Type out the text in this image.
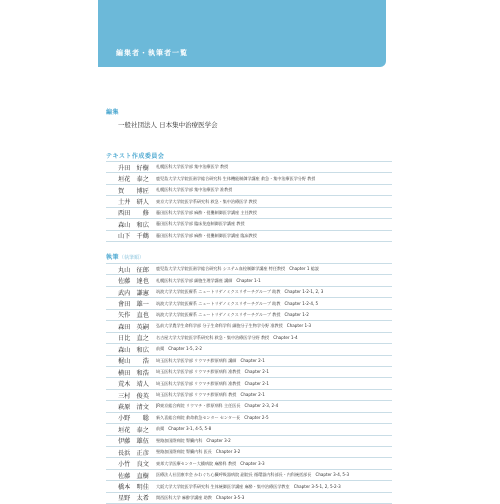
編集者・執筆者一覧
編集
一般社団法人 日本集中治療医学会
テキスト作成委員会
升田　好樹	札幌医科大学医学部 集中治療医学 教授
垣花　泰之	鹿児島大学大学院医歯学総合研究科 生体機能制御学講座 救急・集中治療医学分野 教授
賀　　博匠	札幌医科大学医学部 集中治療医学 准教授
土井　研人	東京大学大学院医学系研究科 救急・集中治療医学 教授
西田　　修	藤田医科大学医学部 麻酔・侵襲制御医学講座 主任教授
森山　和広	藤田医科大学医学部 臨床免疫制御医学講座 教授
山下　千鶴	藤田医科大学医学部 麻酔・侵襲制御医学講座 臨床教授
執筆（執筆順）
丸山　征郎	鹿児島大学大学院医歯学総合研究科 システム血栓制御学講座 特任教授　Chapter 1 総説
佐藤　達也	札幌医科大学医学部 細胞生理学講座 講師　Chapter 1-1
武内　謙憲	筑波大学大学院医療系 ニュートリゲノミクスリサーチグループ 助教　Chapter 1-2-1, 2, 3
會田　雄一	筑波大学大学院医療系 ニュートリゲノミクスリサーチグループ 助教　Chapter 1-2-4, 5
矢作　直也	筑波大学大学院医療系 ニュートリゲノミクスリサーチグループ 教授　Chapter 1-2
森田　英嗣	弘前大学農学生命科学部 分子生命科学科 細胞分子生物学分野 准教授　Chapter 1-3
日比　直之	名古屋大学大学院医学系研究科 救急・集中治療医学分野 教授　Chapter 1-4
森山　和広	前掲　Chapter 1-5, 2-2
梶山　　浩	埼玉医科大学医学部 リウマチ膠原病科 講師　Chapter 2-1
横田　和浩	埼玉医科大学医学部 リウマチ膠原病科 准教授　Chapter 2-1
荒木　靖人	埼玉医科大学医学部 リウマチ膠原病科 准教授　Chapter 2-1
三村　俊英	埼玉医科大学医学部 リウマチ膠原病科 教授　Chapter 2-1
萩原　清文	JR東京総合病院 リウマチ・膠原病科 主任医長　Chapter 2-3, 2-4
小野　　聡	新久喜総合病院 救命救急センター センター長　Chapter 2-5
垣花　泰之	前掲　Chapter 3-1, 4-5, 5-8
伊藤　雄伍	聖路加国際病院 腎臓内科　Chapter 3-2
長浜　正彦	聖路加国際病院 腎臓内科 医長　Chapter 3-2
小竹　良文	東邦大学医療センター大橋病院 麻酔科 教授　Chapter 3-3
佐藤　直樹	医療法人社団康幸会 かわぐち心臓呼吸器病院 副院長 循環器内科部長・内科統括部長　Chapter 3-4, 5-3
橋本　明佳	大阪大学大学院医学系研究科 生体統御医学講座 麻酔・集中治療医学教室　Chapter 3-5-1, 2, 5-2-3
星野　太希	関西医科大学 麻酔学講座 助教　Chapter 3-5-3
